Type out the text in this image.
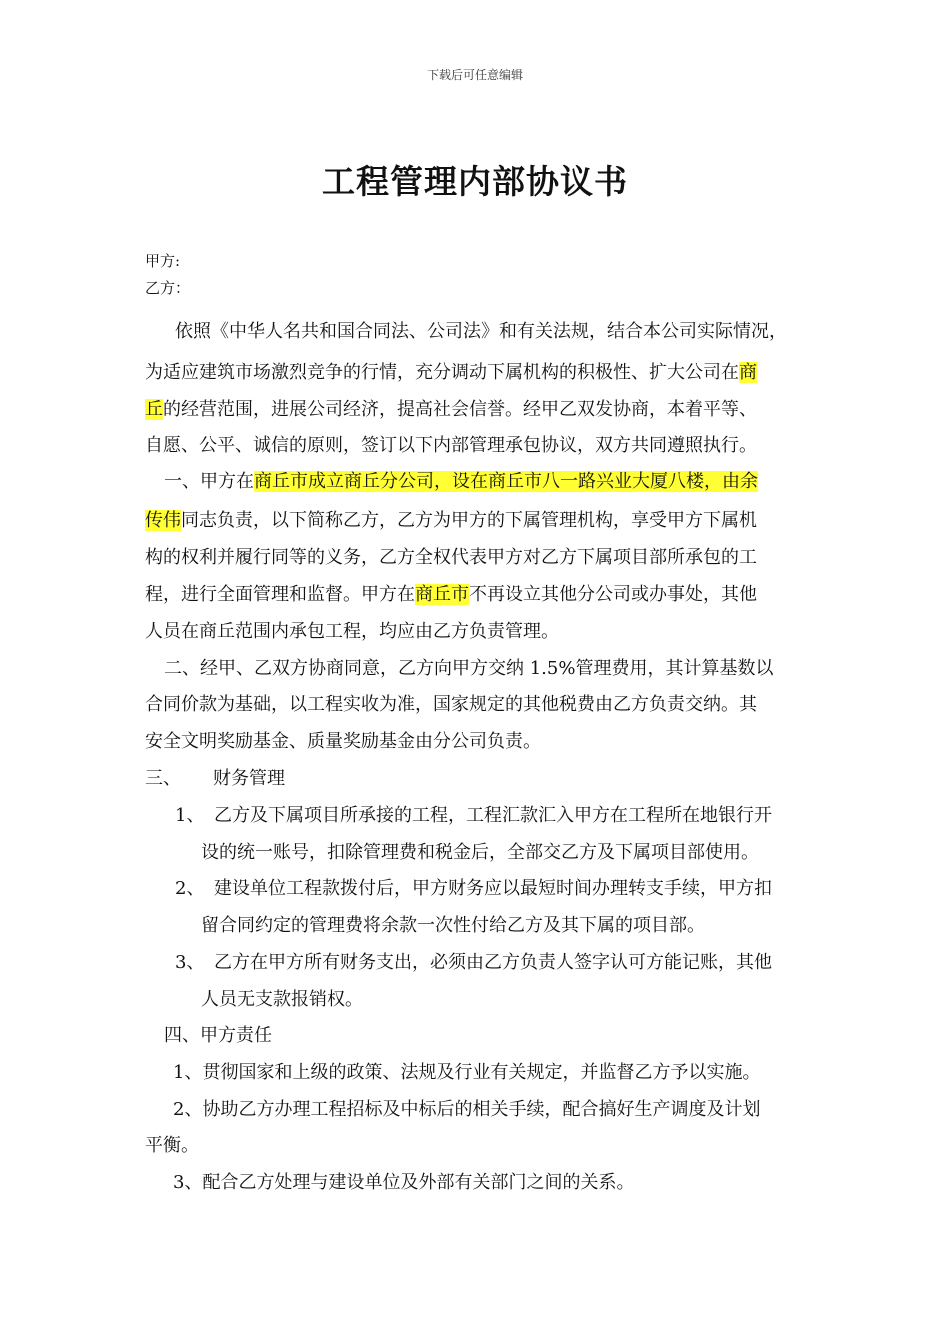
下载后可任意编辑
工程管理内部协议书
甲方:
乙方：
依照《中华人名共和国合同法、公司法》和有关法规，结合本公司实际情况，
为适应建筑市场激烈竞争的行情，充分调动下属机构的积极性、扩大公司在商
丘的经营范围，进展公司经济，提高社会信誉。经甲乙双发协商，本着平等、
自愿、公平、诚信的原则，签订以下内部管理承包协议，双方共同遵照执行。
一、甲方在商丘市成立商丘分公司，设在商丘市八一路兴业大厦八楼，由余
传伟同志负责，以下简称乙方，乙方为甲方的下属管理机构，享受甲方下属机
构的权利并履行同等的义务，乙方全权代表甲方对乙方下属项目部所承包的工
程，进行全面管理和监督。甲方在商丘市不再设立其他分公司或办事处，其他
人员在商丘范围内承包工程，均应由乙方负责管理。
二、经甲、乙双方协商同意，乙方向甲方交纳 1.5%管理费用，其计算基数以
合同价款为基础，以工程实收为准，国家规定的其他税费由乙方负责交纳。其
安全文明奖励基金、质量奖励基金由分公司负责。
三、 财务管理
1、 乙方及下属项目所承接的工程，工程汇款汇入甲方在工程所在地银行开
设的统一账号，扣除管理费和税金后，全部交乙方及下属项目部使用。
2、 建设单位工程款拨付后，甲方财务应以最短时间办理转支手续，甲方扣
留合同约定的管理费将余款一次性付给乙方及其下属的项目部。
3、 乙方在甲方所有财务支出，必须由乙方负责人签字认可方能记账，其他
人员无支款报销权。
四、甲方责任
1、贯彻国家和上级的政策、法规及行业有关规定，并监督乙方予以实施。
2、协助乙方办理工程招标及中标后的相关手续，配合搞好生产调度及计划
平衡。
3、配合乙方处理与建设单位及外部有关部门之间的关系。
